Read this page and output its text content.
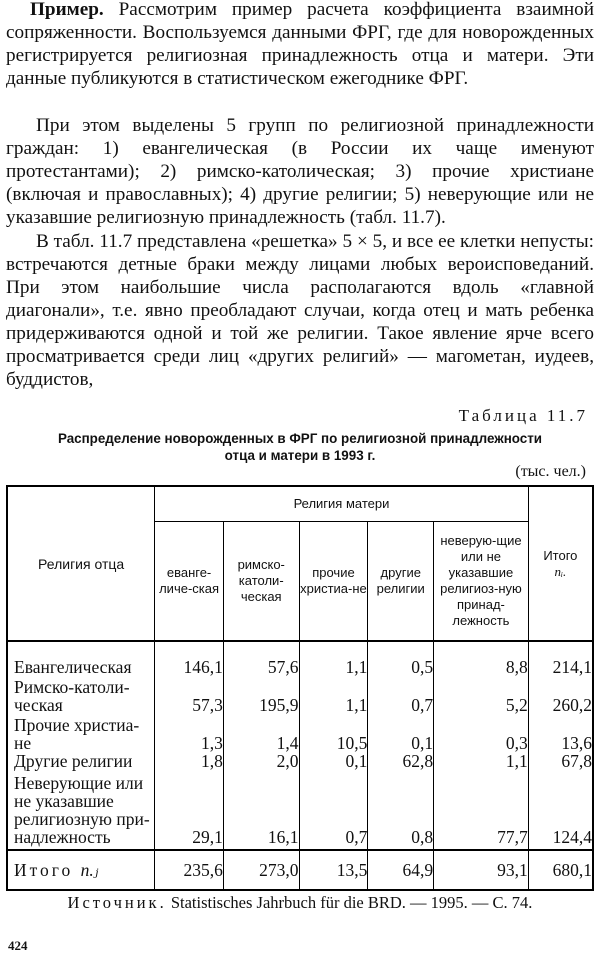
Пример. Рассмотрим пример расчета коэффициента взаимной сопряженности. Воспользуемся данными ФРГ, где для новорожденных регистрируется религиозная принадлежность отца и матери. Эти данные публикуются в статистическом ежегоднике ФРГ.
При этом выделены 5 групп по религиозной принадлежности граждан: 1) евангелическая (в России их чаще именуют протестантами); 2) римско-католическая; 3) прочие христиане (включая и православных); 4) другие религии; 5) неверующие или не указавшие религиозную принадлежность (табл. 11.7).
В табл. 11.7 представлена «решетка» 5 × 5, и все ее клетки непусты: встречаются детные браки между лицами любых вероисповеданий. При этом наибольшие числа располагаются вдоль «главной диагонали», т.е. явно преобладают случаи, когда отец и мать ребенка придерживаются одной и той же религии. Такое явление ярче всего просматривается среди лиц «других религий» — магометан, иудеев, буддистов,
Таблица 11.7
Распределение новорожденных в ФРГ по религиозной принадлежности
отца и матери в 1993 г.
(тыс. чел.)
Религия отца	Религия матери					Итого
nᵢ.

	еванге-личе-ская	римско-католи-ческая	прочие христиа-не	другие религии	неверую-щие или не указавшие религиоз-ную принад-лежность	
Евангелическая	146,1	57,6	1,1	0,5	8,8	214,1
Римско-католи-ческая	57,3	195,9	1,1	0,7	5,2	260,2
Прочие христиа-не	1,3	1,4	10,5	0,1	0,3	13,6
Другие религии	1,8	2,0	0,1	62,8	1,1	67,8
Неверующие или не указавшие религиозную при-надлежность	29,1	16,1	0,7	0,8	77,7	124,4
Итого n.ⱼ	235,6	273,0	13,5	64,9	93,1	680,1
Источник. Statistisches Jahrbuch für die BRD. — 1995. — С. 74.
424
